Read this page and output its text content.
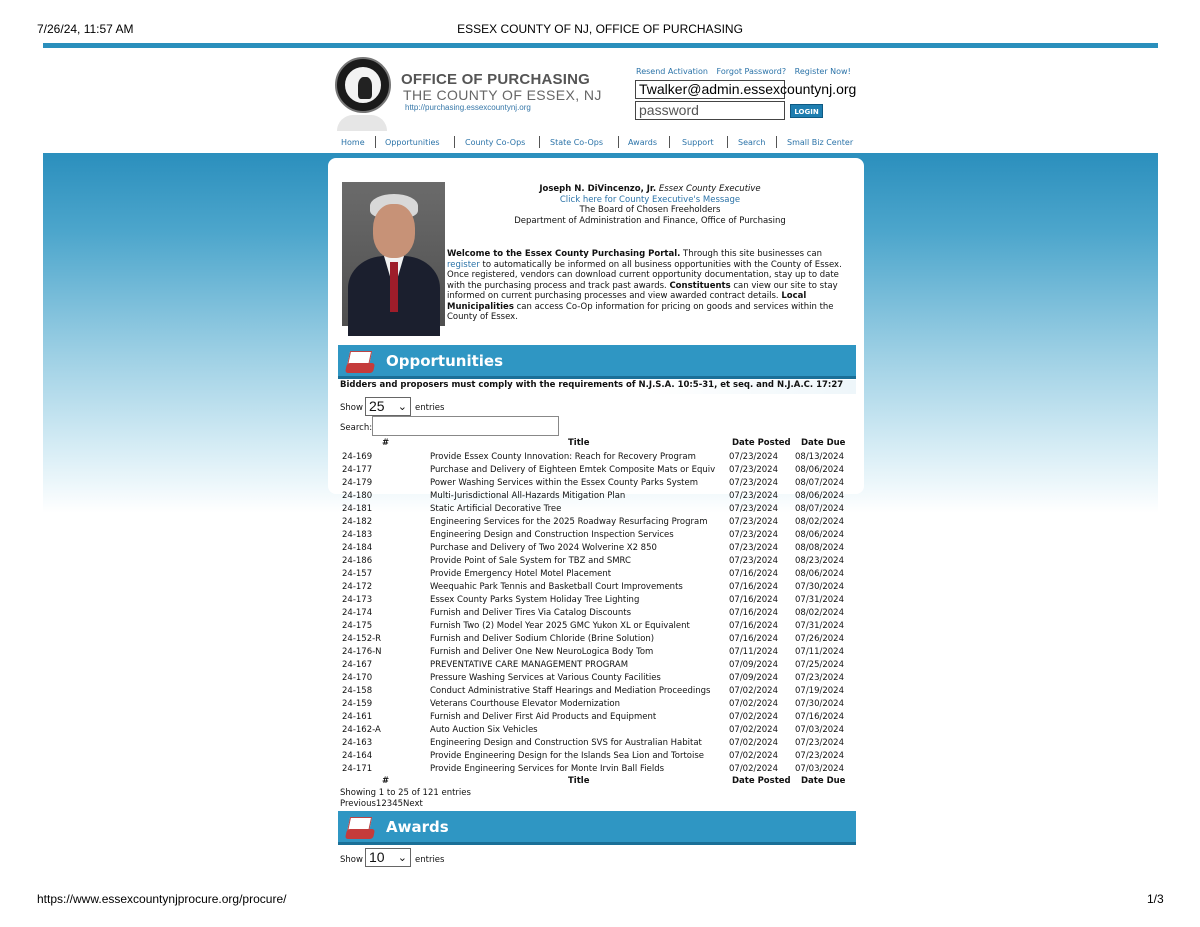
ESSEX COUNTY OF NJ, OFFICE OF PURCHASING
7/26/24, 11:57 AM
OFFICE OF PURCHASING
THE COUNTY OF ESSEX, NJ
http://purchasing.essexcountynj.org
Resend Activation Forgot Password? Register Now!
Twalker@admin.essexcountynj.org
password	LOGIN
Home	Opportunities	County Co-Ops	State Co-Ops	Awards	Support	Search	Small Biz Center
Joseph N. DiVincenzo, Jr. Essex County Executive
Click here for County Executive's Message
The Board of Chosen Freeholders
Department of Administration and Finance, Office of Purchasing
Welcome to the Essex County Purchasing Portal. Through this site businesses can register to automatically be informed on all business opportunities with the County of Essex. Once registered, vendors can download current opportunity documentation, stay up to date with the purchasing process and track past awards. Constituents can view our site to stay informed on current purchasing processes and view awarded contract details. Local Municipalities can access Co-Op information for pricing on goods and services within the County of Essex.
Opportunities
Bidders and proposers must comply with the requirements of N.J.S.A. 10:5-31, et seq. and N.J.A.C. 17:27
Show 25 ⌄ entries
Search:
#	Title	Date Posted Date Due
24-169	Provide Essex County Innovation: Reach for Recovery Program	07/23/2024 08/13/2024
24-177	Purchase and Delivery of Eighteen Emtek Composite Mats or Equiv	07/23/2024 08/06/2024
24-179	Power Washing Services within the Essex County Parks System	07/23/2024 08/07/2024
24-180	Multi-Jurisdictional All-Hazards Mitigation Plan	07/23/2024 08/06/2024
24-181	Static Artificial Decorative Tree	07/23/2024 08/07/2024
24-182	Engineering Services for the 2025 Roadway Resurfacing Program	07/23/2024 08/02/2024
24-183	Engineering Design and Construction Inspection Services	07/23/2024 08/06/2024
24-184	Purchase and Delivery of Two 2024 Wolverine X2 850	07/23/2024 08/08/2024
24-186	Provide Point of Sale System for TBZ and SMRC	07/23/2024 08/23/2024
24-157	Provide Emergency Hotel Motel Placement	07/16/2024 08/06/2024
24-172	Weequahic Park Tennis and Basketball Court Improvements	07/16/2024 07/30/2024
24-173	Essex County Parks System Holiday Tree Lighting	07/16/2024 07/31/2024
24-174	Furnish and Deliver Tires Via Catalog Discounts	07/16/2024 08/02/2024
24-175	Furnish Two (2) Model Year 2025 GMC Yukon XL or Equivalent	07/16/2024 07/31/2024
24-152-R	Furnish and Deliver Sodium Chloride (Brine Solution)	07/16/2024 07/26/2024
24-176-N	Furnish and Deliver One New NeuroLogica Body Tom	07/11/2024 07/11/2024
24-167	PREVENTATIVE CARE MANAGEMENT PROGRAM	07/09/2024 07/25/2024
24-170	Pressure Washing Services at Various County Facilities	07/09/2024 07/23/2024
24-158	Conduct Administrative Staff Hearings and Mediation Proceedings	07/02/2024 07/19/2024
24-159	Veterans Courthouse Elevator Modernization	07/02/2024 07/30/2024
24-161	Furnish and Deliver First Aid Products and Equipment	07/02/2024 07/16/2024
24-162-A	Auto Auction Six Vehicles	07/02/2024 07/03/2024
24-163	Engineering Design and Construction SVS for Australian Habitat	07/02/2024 07/23/2024
24-164	Provide Engineering Design for the Islands Sea Lion and Tortoise	07/02/2024 07/23/2024
24-171	Provide Engineering Services for Monte Irvin Ball Fields	07/02/2024 07/03/2024
#	Title	Date Posted Date Due
Showing 1 to 25 of 121 entries
Previous12345Next
Awards
Show 10 ⌄ entries
https://www.essexcountynjprocure.org/procure/	1/3
